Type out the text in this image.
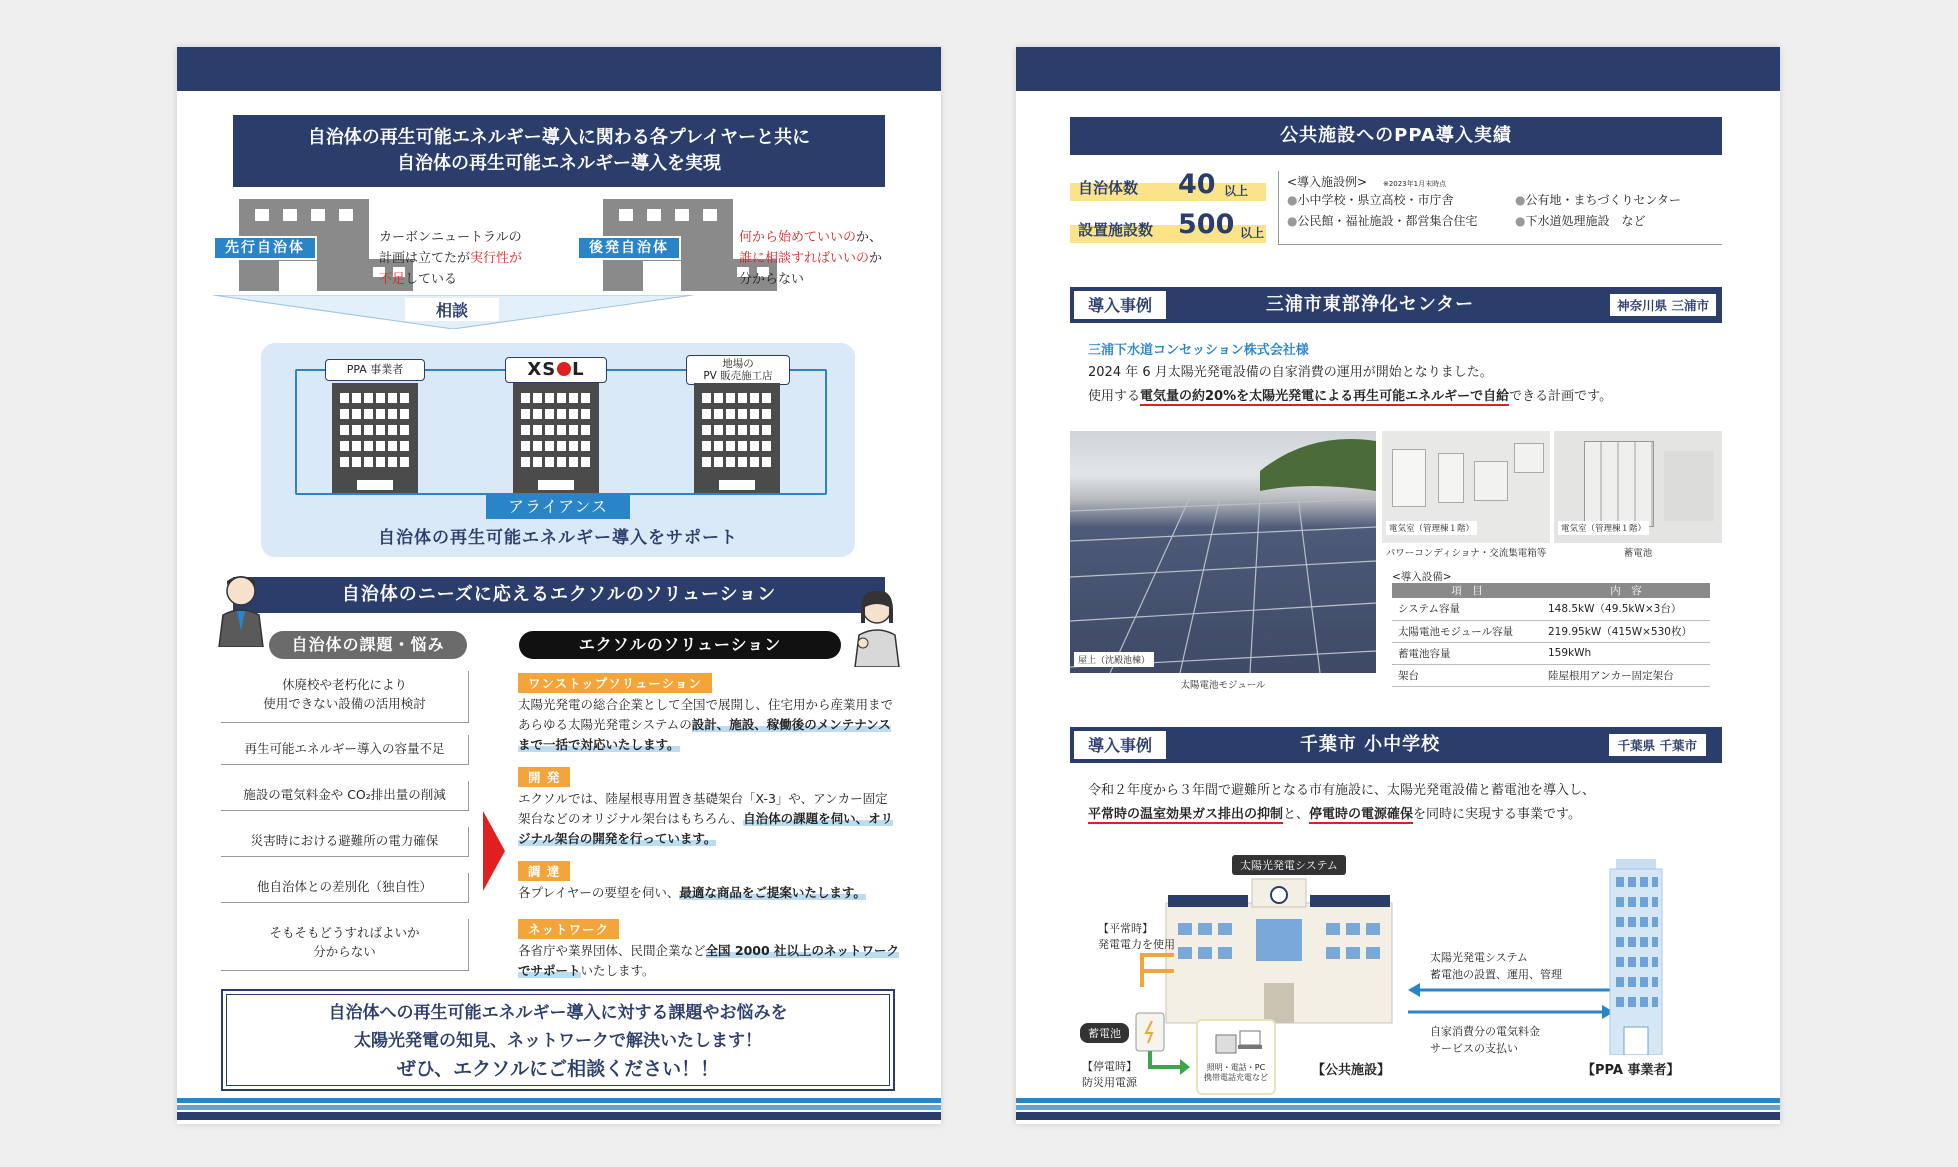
自治体の再生可能エネルギー導入に関わる各プレイヤーと共に
自治体の再生可能エネルギー導入を実現
先行自治体
カーボンニュートラルの
計画は立てたが実行性が
不足している
後発自治体
何から始めていいのか、
誰に相談すればいいのか
分からない
相談
PPA 事業者	XS L	地場の
PV 販売施工店
アライアンス
自治体の再生可能エネルギー導入をサポート
自治体のニーズに応えるエクソルのソリューション
自治体の課題・悩み	エクソルのソリューション
休廃校や老朽化により
使用できない設備の活用検討
再生可能エネルギー導入の容量不足
施設の電気料金や CO₂排出量の削減
災害時における避難所の電力確保
他自治体との差別化（独自性）
そもそもどうすればよいか
分からない
ワンストップソリューション
太陽光発電の総合企業として全国で展開し、住宅用から産業用まであらゆる太陽光発電システムの設計、施設、稼働後のメンテナンスまで一括で対応いたします。
開 発
エクソルでは、陸屋根専用置き基礎架台「X-3」や、アンカー固定架台などのオリジナル架台はもちろん、自治体の課題を伺い、オリジナル架台の開発を行っています。
調 達
各プレイヤーの要望を伺い、最適な商品をご提案いたします。
ネットワーク
各省庁や業界団体、民間企業など全国 2000 社以上のネットワークでサポートいたします。
自治体への再生可能エネルギー導入に対する課題やお悩みを
太陽光発電の知見、ネットワークで解決いたします！
ぜひ、エクソルにご相談ください！！
公共施設へのPPA導入実績
自治体数 40 以上
設置施設数 500 以上
<導入施設例> ※2023年1月末時点
●小中学校・県立高校・市庁舎	●公有地・まちづくりセンター
●公民館・福祉施設・都営集合住宅	●下水道処理施設　など
導入事例	三浦市東部浄化センター	神奈川県 三浦市
三浦下水道コンセッション株式会社様
2024 年 6 月太陽光発電設備の自家消費の運用が開始となりました。
使用する電気量の約20%を太陽光発電による再生可能エネルギーで自給できる計画です。
屋上（沈殿池棟）
太陽電池モジュール
電気室（管理棟１階）
パワーコンディショナ・交流集電箱等
電気室（管理棟１階）
蓄電池
<導入設備>
項　目	内　容
システム容量	148.5kW（49.5kW×3台）
太陽電池モジュール容量	219.95kW（415W×530枚）
蓄電池容量	159kWh
架台	陸屋根用アンカー固定架台
導入事例	千葉市 小中学校	千葉県 千葉市
令和２年度から３年間で避難所となる市有施設に、太陽光発電設備と蓄電池を導入し、
平常時の温室効果ガス排出の抑制と、停電時の電源確保を同時に実現する事業です。
太陽光発電システム
【平常時】
発電電力を使用
蓄電池
【停電時】
防災用電源
照明・電話・PC
携帯電話充電など	【公共施設】
太陽光発電システム
蓄電池の設置、運用、管理
自家消費分の電気料金
サービスの支払い
【PPA 事業者】
